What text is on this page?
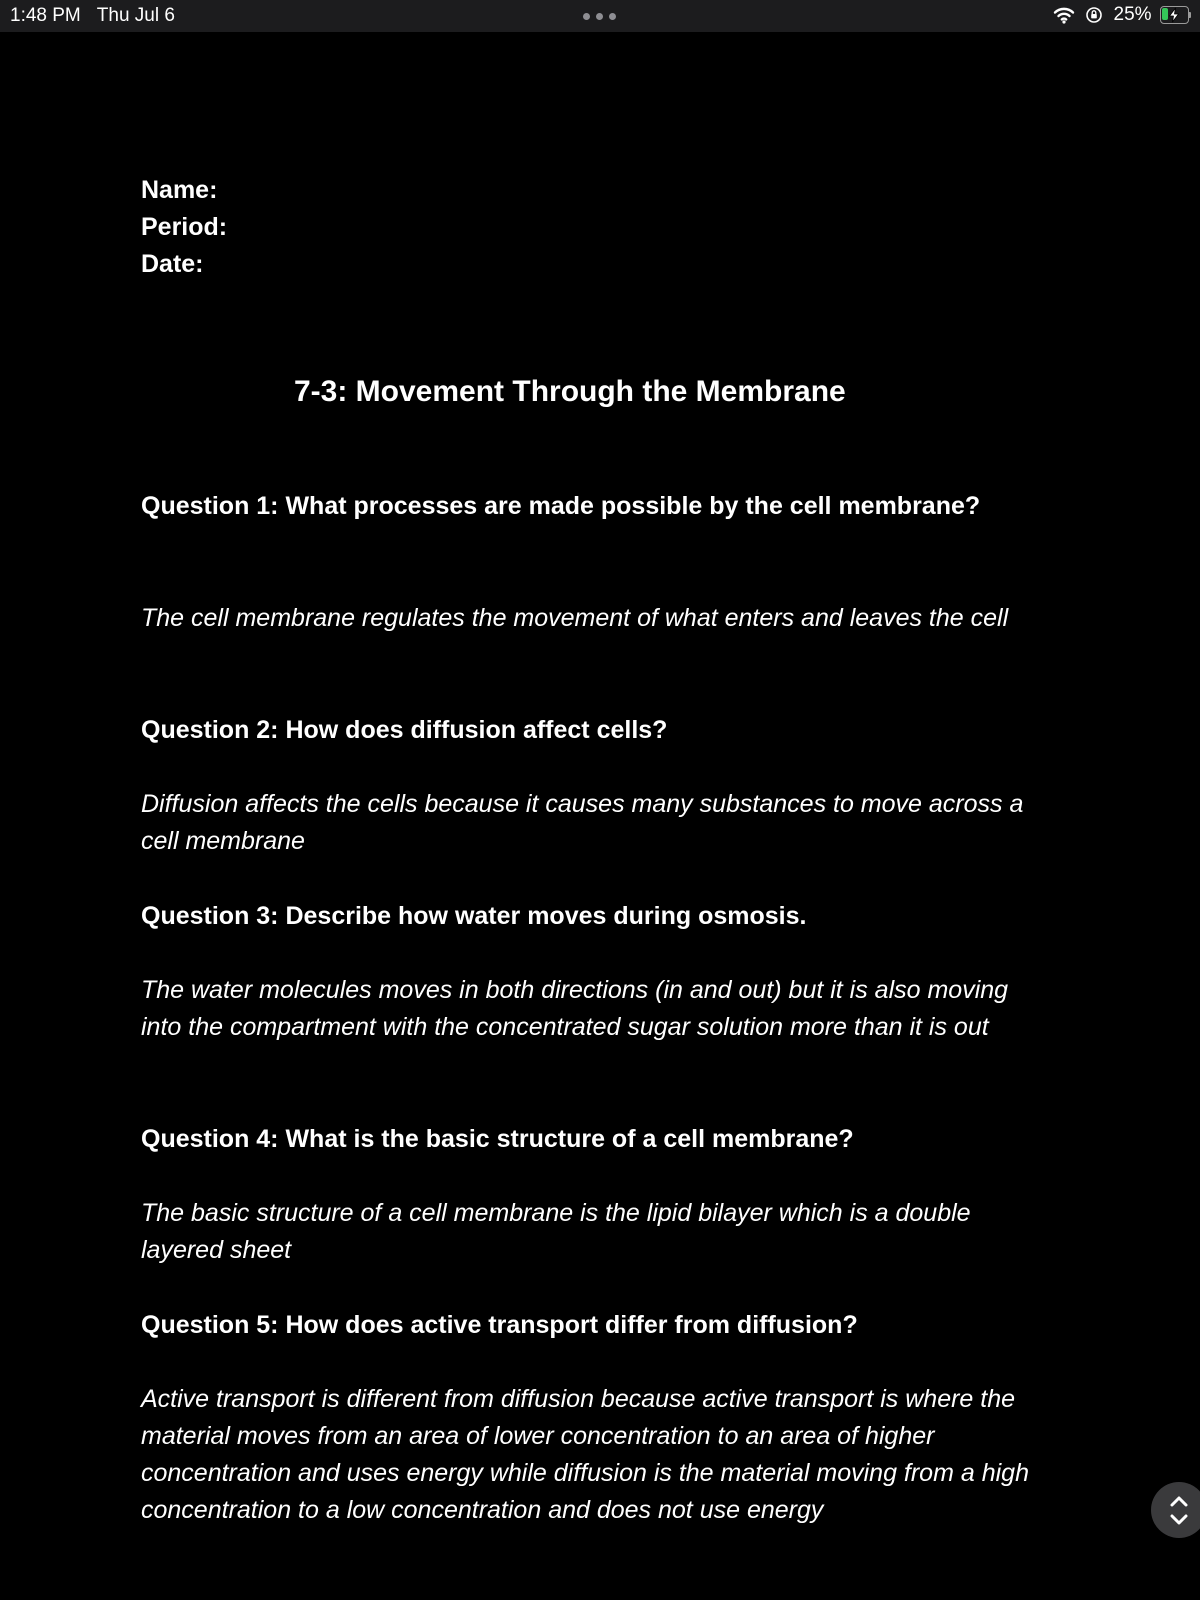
1:48 PM Thu Jul 6	25%
Name:
Period:
Date:
7-3: Movement Through the Membrane
Question 1: What processes are made possible by the cell membrane?
The cell membrane regulates the movement of what enters and leaves the cell
Question 2: How does diffusion affect cells?
Diffusion affects the cells because it causes many substances to move across a cell membrane
Question 3: Describe how water moves during osmosis.
The water molecules moves in both directions (in and out) but it is also moving into the compartment with the concentrated sugar solution more than it is out
Question 4: What is the basic structure of a cell membrane?
The basic structure of a cell membrane is the lipid bilayer which is a double layered sheet
Question 5: How does active transport differ from diffusion?
Active transport is different from diffusion because active transport is where the material moves from an area of lower concentration to an area of higher concentration and uses energy while diffusion is the material moving from a high concentration to a low concentration and does not use energy
